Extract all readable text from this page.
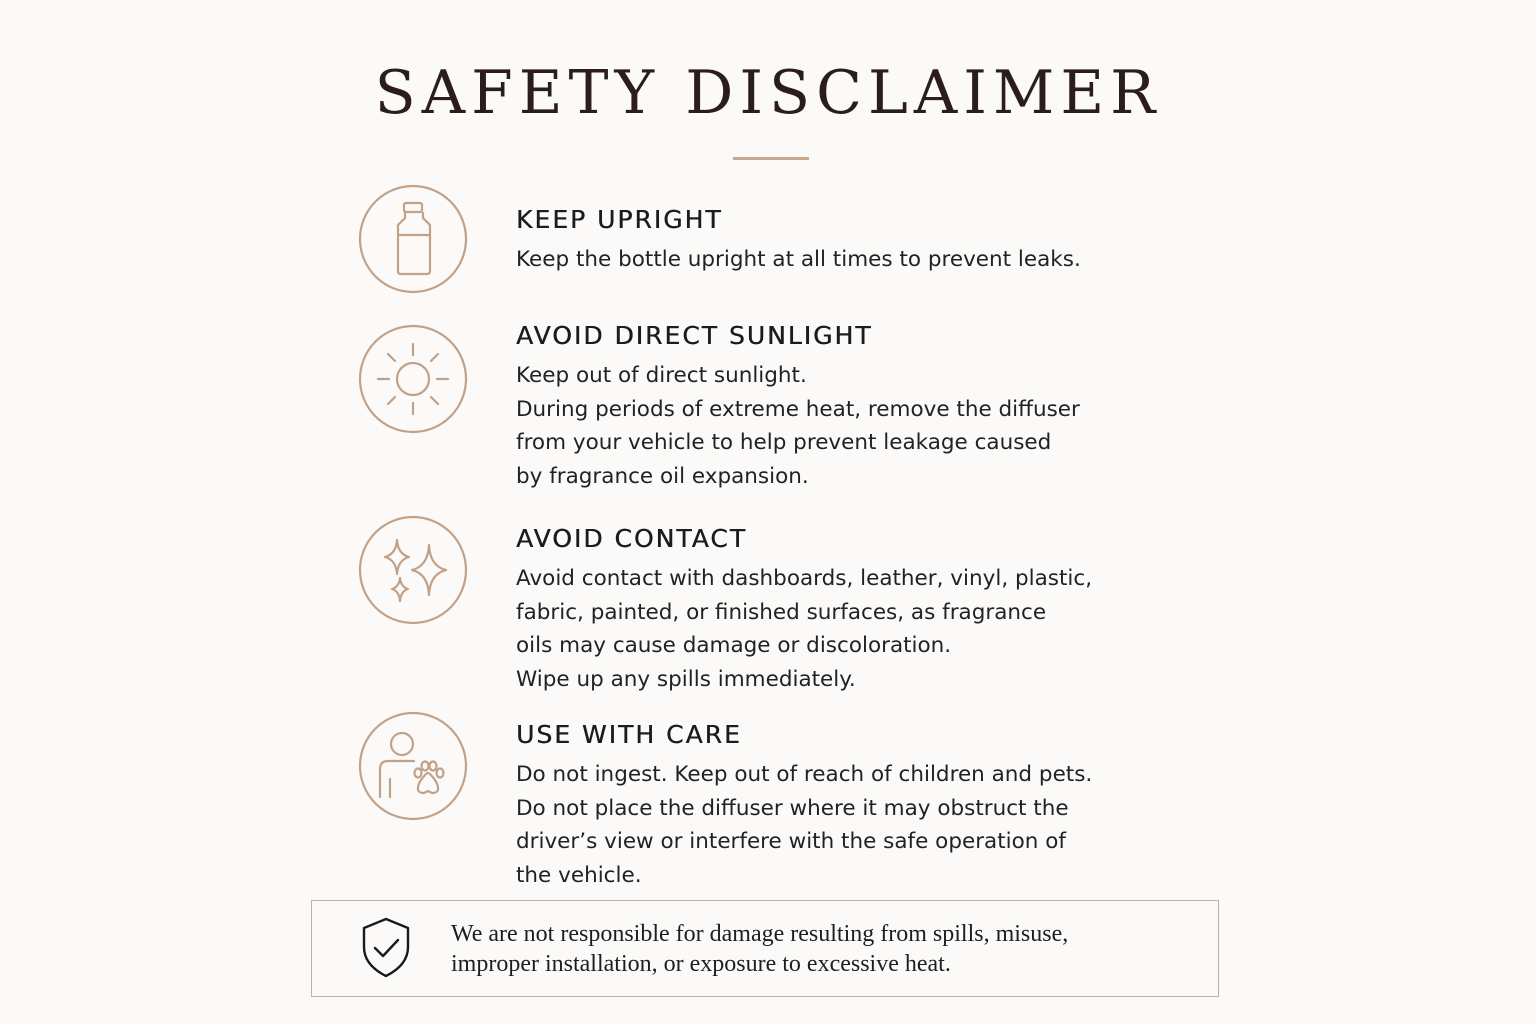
SAFETY DISCLAIMER
KEEP UPRIGHT
Keep the bottle upright at all times to prevent leaks.
AVOID DIRECT SUNLIGHT
Keep out of direct sunlight.
During periods of extreme heat, remove the diffuser
from your vehicle to help prevent leakage caused
by fragrance oil expansion.
AVOID CONTACT
Avoid contact with dashboards, leather, vinyl, plastic,
fabric, painted, or finished surfaces, as fragrance
oils may cause damage or discoloration.
Wipe up any spills immediately.
USE WITH CARE
Do not ingest. Keep out of reach of children and pets.
Do not place the diffuser where it may obstruct the
driver’s view or interfere with the safe operation of
the vehicle.
We are not responsible for damage resulting from spills, misuse,
improper installation, or exposure to excessive heat.
